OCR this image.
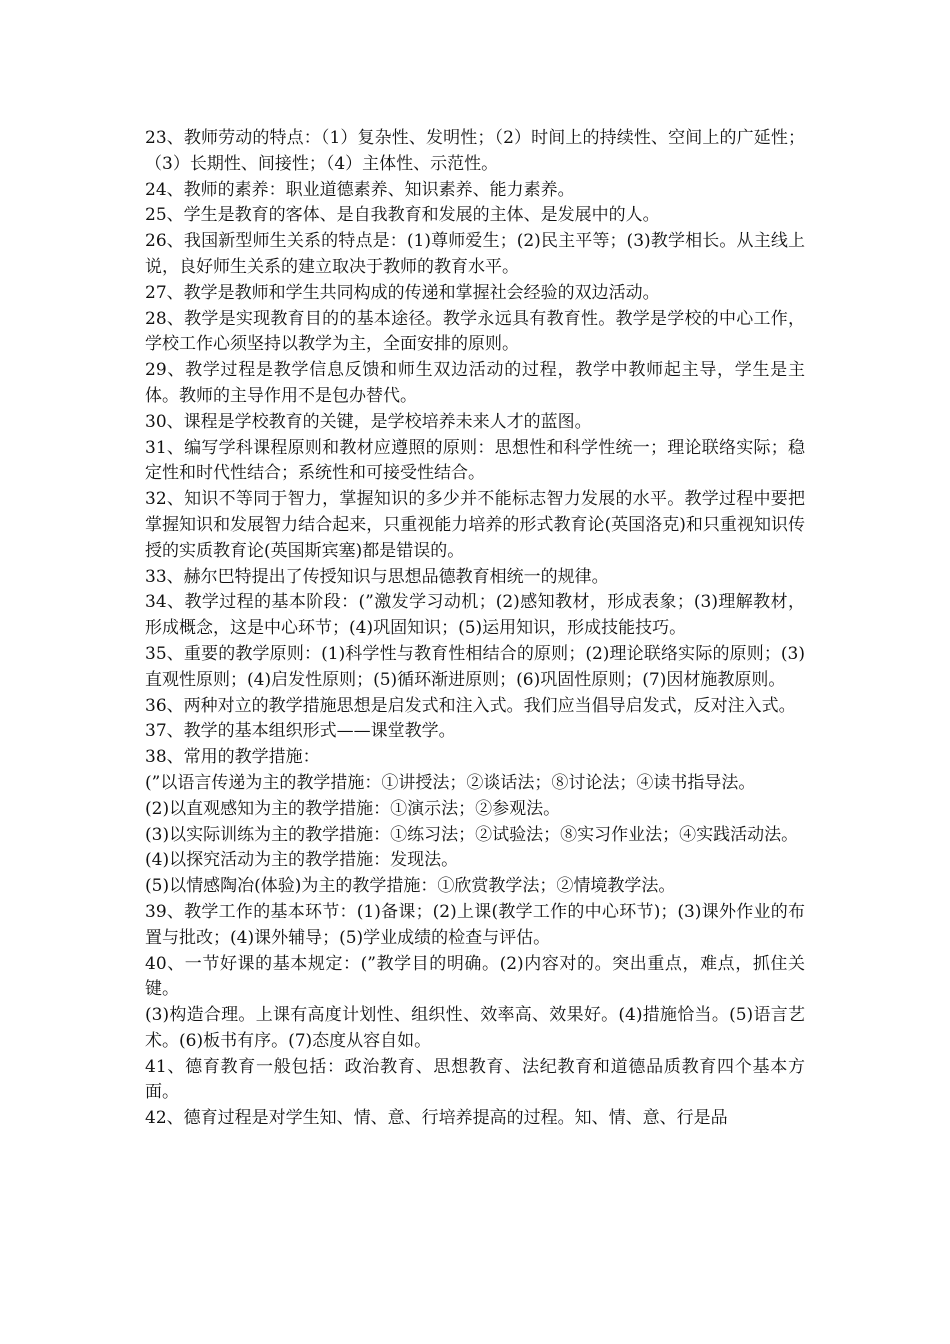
23、教师劳动的特点：（1）复杂性、发明性；（2）时间上的持续性、空间上的广延性；（3）长期性、间接性；（4）主体性、示范性。

24、教师的素养：职业道德素养、知识素养、能力素养。

25、学生是教育的客体、是自我教育和发展的主体、是发展中的人。

26、我国新型师生关系的特点是：(1)尊师爱生；(2)民主平等；(3)教学相长。从主线上说，良好师生关系的建立取决于教师的教育水平。

27、教学是教师和学生共同构成的传递和掌握社会经验的双边活动。

28、教学是实现教育目的的基本途径。教学永远具有教育性。教学是学校的中心工作，学校工作心须坚持以教学为主，全面安排的原则。

29、教学过程是教学信息反馈和师生双边活动的过程，教学中教师起主导，学生是主体。教师的主导作用不是包办替代。

30、课程是学校教育的关键，是学校培养未来人才的蓝图。

31、编写学科课程原则和教材应遵照的原则：思想性和科学性统一；理论联络实际；稳定性和时代性结合；系统性和可接受性结合。

32、知识不等同于智力，掌握知识的多少并不能标志智力发展的水平。教学过程中要把掌握知识和发展智力结合起来，只重视能力培养的形式教育论(英国洛克)和只重视知识传授的实质教育论(英国斯宾塞)都是错误的。

33、赫尔巴特提出了传授知识与思想品德教育相统一的规律。

34、教学过程的基本阶段：(”激发学习动机；(2)感知教材，形成表象；(3)理解教材，形成概念，这是中心环节；(4)巩固知识；(5)运用知识，形成技能技巧。

35、重要的教学原则：(1)科学性与教育性相结合的原则；(2)理论联络实际的原则；(3)直观性原则；(4)启发性原则；(5)循环渐进原则；(6)巩固性原则；(7)因材施教原则。

36、两种对立的教学措施思想是启发式和注入式。我们应当倡导启发式，反对注入式。

37、教学的基本组织形式——课堂教学。

38、常用的教学措施：

(”以语言传递为主的教学措施：①讲授法；②谈话法；⑧讨论法；④读书指导法。

(2)以直观感知为主的教学措施：①演示法；②参观法。

(3)以实际训练为主的教学措施：①练习法；②试验法；⑧实习作业法；④实践活动法。

(4)以探究活动为主的教学措施：发现法。

(5)以情感陶冶(体验)为主的教学措施：①欣赏教学法；②情境教学法。

39、教学工作的基本环节：(1)备课；(2)上课(教学工作的中心环节)；(3)课外作业的布置与批改；(4)课外辅导；(5)学业成绩的检查与评估。

40、一节好课的基本规定：(”教学目的明确。(2)内容对的。突出重点，难点，抓住关键。

(3)构造合理。上课有高度计划性、组织性、效率高、效果好。(4)措施恰当。(5)语言艺术。(6)板书有序。(7)态度从容自如。

41、德育教育一般包括：政治教育、思想教育、法纪教育和道德品质教育四个基本方面。

42、德育过程是对学生知、情、意、行培养提高的过程。知、情、意、行是品
